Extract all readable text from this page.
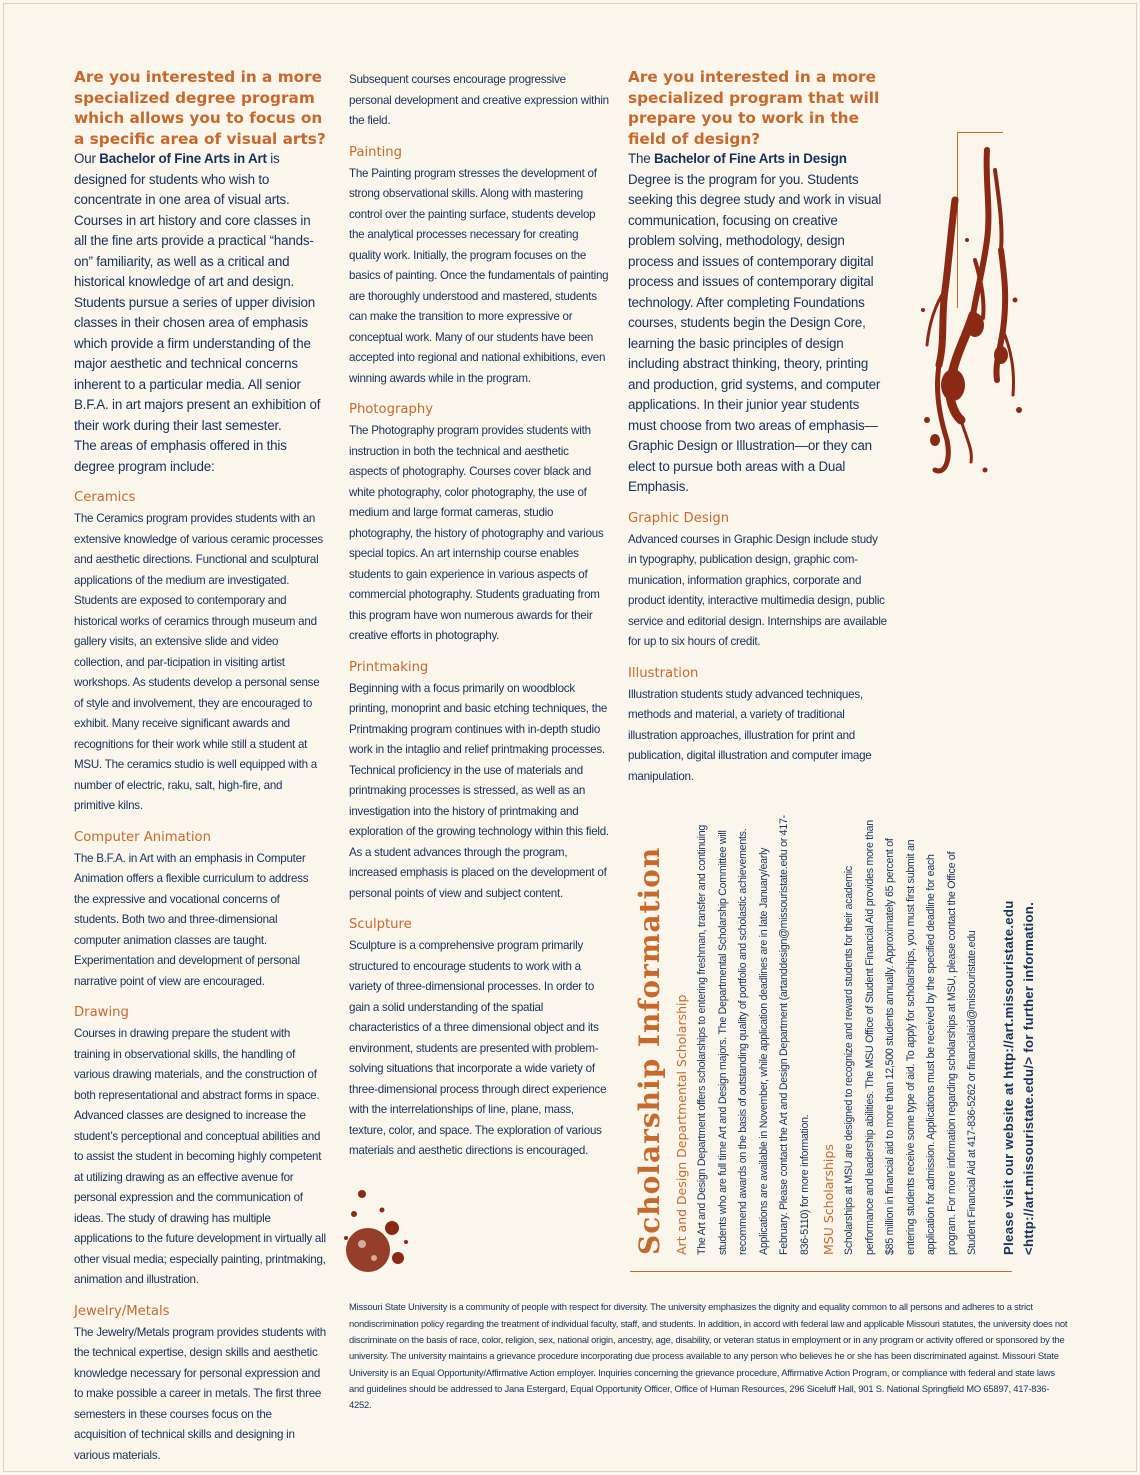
Are you interested in a more specialized degree program which allows you to focus on a specific area of visual arts?

Our Bachelor of Fine Arts in Art is designed for students who wish to concentrate in one area of visual arts. Courses in art history and core classes in all the fine arts provide a practical “hands-on” familiarity, as well as a critical and historical knowledge of art and design. Students pursue a series of upper division classes in their chosen area of emphasis which provide a firm understanding of the major aesthetic and technical concerns inherent to a particular media. All senior B.F.A. in art majors present an exhibition of their work during their last semester.

The areas of emphasis offered in this degree program include:

Ceramics

The Ceramics program provides students with an extensive knowledge of various ceramic processes and aesthetic directions. Functional and sculptural applications of the medium are investigated. Students are exposed to contemporary and historical works of ceramics through museum and gallery visits, an extensive slide and video collection, and par-ticipation in visiting artist workshops. As students develop a personal sense of style and involvement, they are encouraged to exhibit. Many receive significant awards and recognitions for their work while still a student at MSU. The ceramics studio is well equipped with a number of electric, raku, salt, high-fire, and primitive kilns.

Computer Animation

The B.F.A. in Art with an emphasis in Computer Animation offers a flexible curriculum to address the expressive and vocational concerns of students. Both two and three-dimensional computer animation classes are taught. Experimentation and development of personal narrative point of view are encouraged.

Drawing

Courses in drawing prepare the student with training in observational skills, the handling of various drawing materials, and the construction of both representational and abstract forms in space. Advanced classes are designed to increase the student’s perceptional and conceptual abilities and to assist the student in becoming highly competent at utilizing drawing as an effective avenue for personal expression and the communication of ideas. The study of drawing has multiple applications to the future development in virtually all other visual media; especially painting, printmaking, animation and illustration.

Jewelry/Metals

The Jewelry/Metals program provides students with the technical expertise, design skills and aesthetic knowledge necessary for personal expression and to make possible a career in metals. The first three semesters in these courses focus on the acquisition of technical skills and designing in various materials.

Subsequent courses encourage progressive personal development and creative expression within the field.

Painting

The Painting program stresses the development of strong observational skills. Along with mastering control over the painting surface, students develop the analytical processes necessary for creating quality work. Initially, the program focuses on the basics of painting. Once the fundamentals of painting are thoroughly understood and mastered, students can make the transition to more expressive or conceptual work. Many of our students have been accepted into regional and national exhibitions, even winning awards while in the program.

Photography

The Photography program provides students with instruction in both the technical and aesthetic aspects of photography. Courses cover black and white photography, color photography, the use of medium and large format cameras, studio photography, the history of photography and various special topics. An art internship course enables students to gain experience in various aspects of commercial photography. Students graduating from this program have won numerous awards for their creative efforts in photography.

Printmaking

Beginning with a focus primarily on woodblock printing, monoprint and basic etching techniques, the Printmaking program continues with in-depth studio work in the intaglio and relief printmaking processes. Technical proficiency in the use of materials and printmaking processes is stressed, as well as an investigation into the history of printmaking and exploration of the growing technology within this field. As a student advances through the program, increased emphasis is placed on the development of personal points of view and subject content.

Sculpture

Sculpture is a comprehensive program primarily structured to encourage students to work with a variety of three-dimensional processes. In order to gain a solid understanding of the spatial characteristics of a three dimensional object and its environment, students are presented with problem-solving situations that incorporate a wide variety of three-dimensional process through direct experience with the interrelationships of line, plane, mass, texture, color, and space. The exploration of various materials and aesthetic directions is encouraged.

Are you interested in a more specialized program that will prepare you to work in the field of design?

The Bachelor of Fine Arts in Design Degree is the program for you. Students seeking this degree study and work in visual communication, focusing on creative problem solving, methodology, design process and issues of contemporary digital process and issues of contemporary digital technology. After completing Foundations courses, students begin the Design Core, learning the basic principles of design including abstract thinking, theory, printing and production, grid systems, and computer applications. In their junior year students must choose from two areas of emphasis—Graphic Design or Illustration—or they can elect to pursue both areas with a Dual Emphasis.

Graphic Design

Advanced courses in Graphic Design include study in typography, publication design, graphic com-munication, information graphics, corporate and product identity, interactive multimedia design, public service and editorial design. Internships are available for up to six hours of credit.

Illustration

Illustration students study advanced techniques, methods and material, a variety of traditional illustration approaches, illustration for print and publication, digital illustration and computer image manipulation.

Scholarship Information Art and Design Departmental Scholarship The Art and Design Department offers scholarships to entering freshman, transfer and continuing students who are full time Art and Design majors. The Departmental Scholarship Committee will recommend awards on the basis of outstanding quality of portfolio and scholastic achievements. Applications are available in November, while application deadlines are in late January/early February. Please contact the Art and Design Department (artanddesign@missouristate.edu or 417-836-5110) for more information. MSU Scholarships Scholarships at MSU are designed to recognize and reward students for their academic performance and leadership abilities. The MSU Office of Student Financial Aid provides more than $85 million in financial aid to more than 12,500 students annually. Approximately 65 percent of entering students receive some type of aid. To apply for scholarships, you must first submit an application for admission. Applications must be received by the specified deadline for each program. For more information regarding scholarships at MSU, please contact the Office of Student Financial Aid at 417-836-5262 or financialaid@missouristate.edu	Please visit our website at http://art.missouristate.edu <http://art.missouristate.edu/> for further information.

Missouri State University is a community of people with respect for diversity. The university emphasizes the dignity and equality common to all persons and adheres to a strict nondiscrimination policy regarding the treatment of individual faculty, staff, and students. In addition, in accord with federal law and applicable Missouri statutes, the university does not discriminate on the basis of race, color, religion, sex, national origin, ancestry, age, disability, or veteran status in employment or in any program or activity offered or sponsored by the university. The university maintains a grievance procedure incorporating due process available to any person who believes he or she has been discriminated against. Missouri State University is an Equal Opportunity/Affirmative Action employer. Inquiries concerning the grievance procedure, Affirmative Action Program, or compliance with federal and state laws and guidelines should be addressed to Jana Estergard, Equal Opportunity Officer, Office of Human Resources, 296 Siceluff Hall, 901 S. National Springfield MO 65897, 417-836-4252.
